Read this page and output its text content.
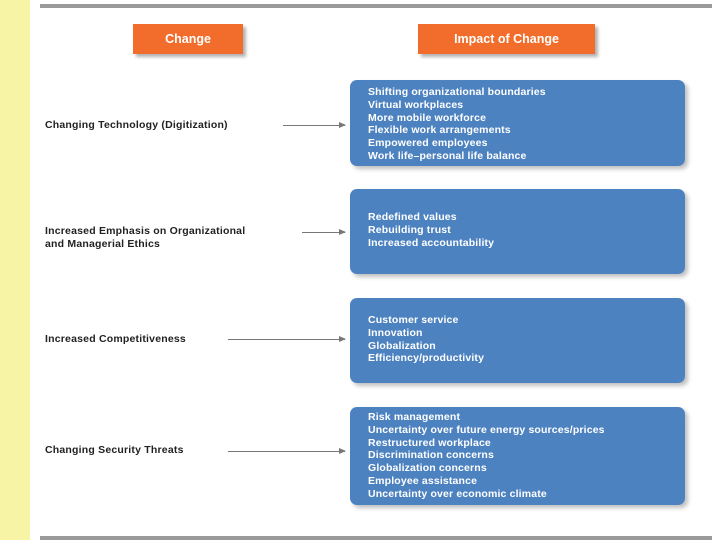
Change	Impact of Change
Changing Technology (Digitization)
Shifting organizational boundaries
Virtual workplaces
More mobile workforce
Flexible work arrangements
Empowered employees
Work life–personal life balance
Increased Emphasis on Organizational
and Managerial Ethics
Redefined values
Rebuilding trust
Increased accountability
Increased Competitiveness
Customer service
Innovation
Globalization
Efficiency/productivity
Changing Security Threats
Risk management
Uncertainty over future energy sources/prices
Restructured workplace
Discrimination concerns
Globalization concerns
Employee assistance
Uncertainty over economic climate
